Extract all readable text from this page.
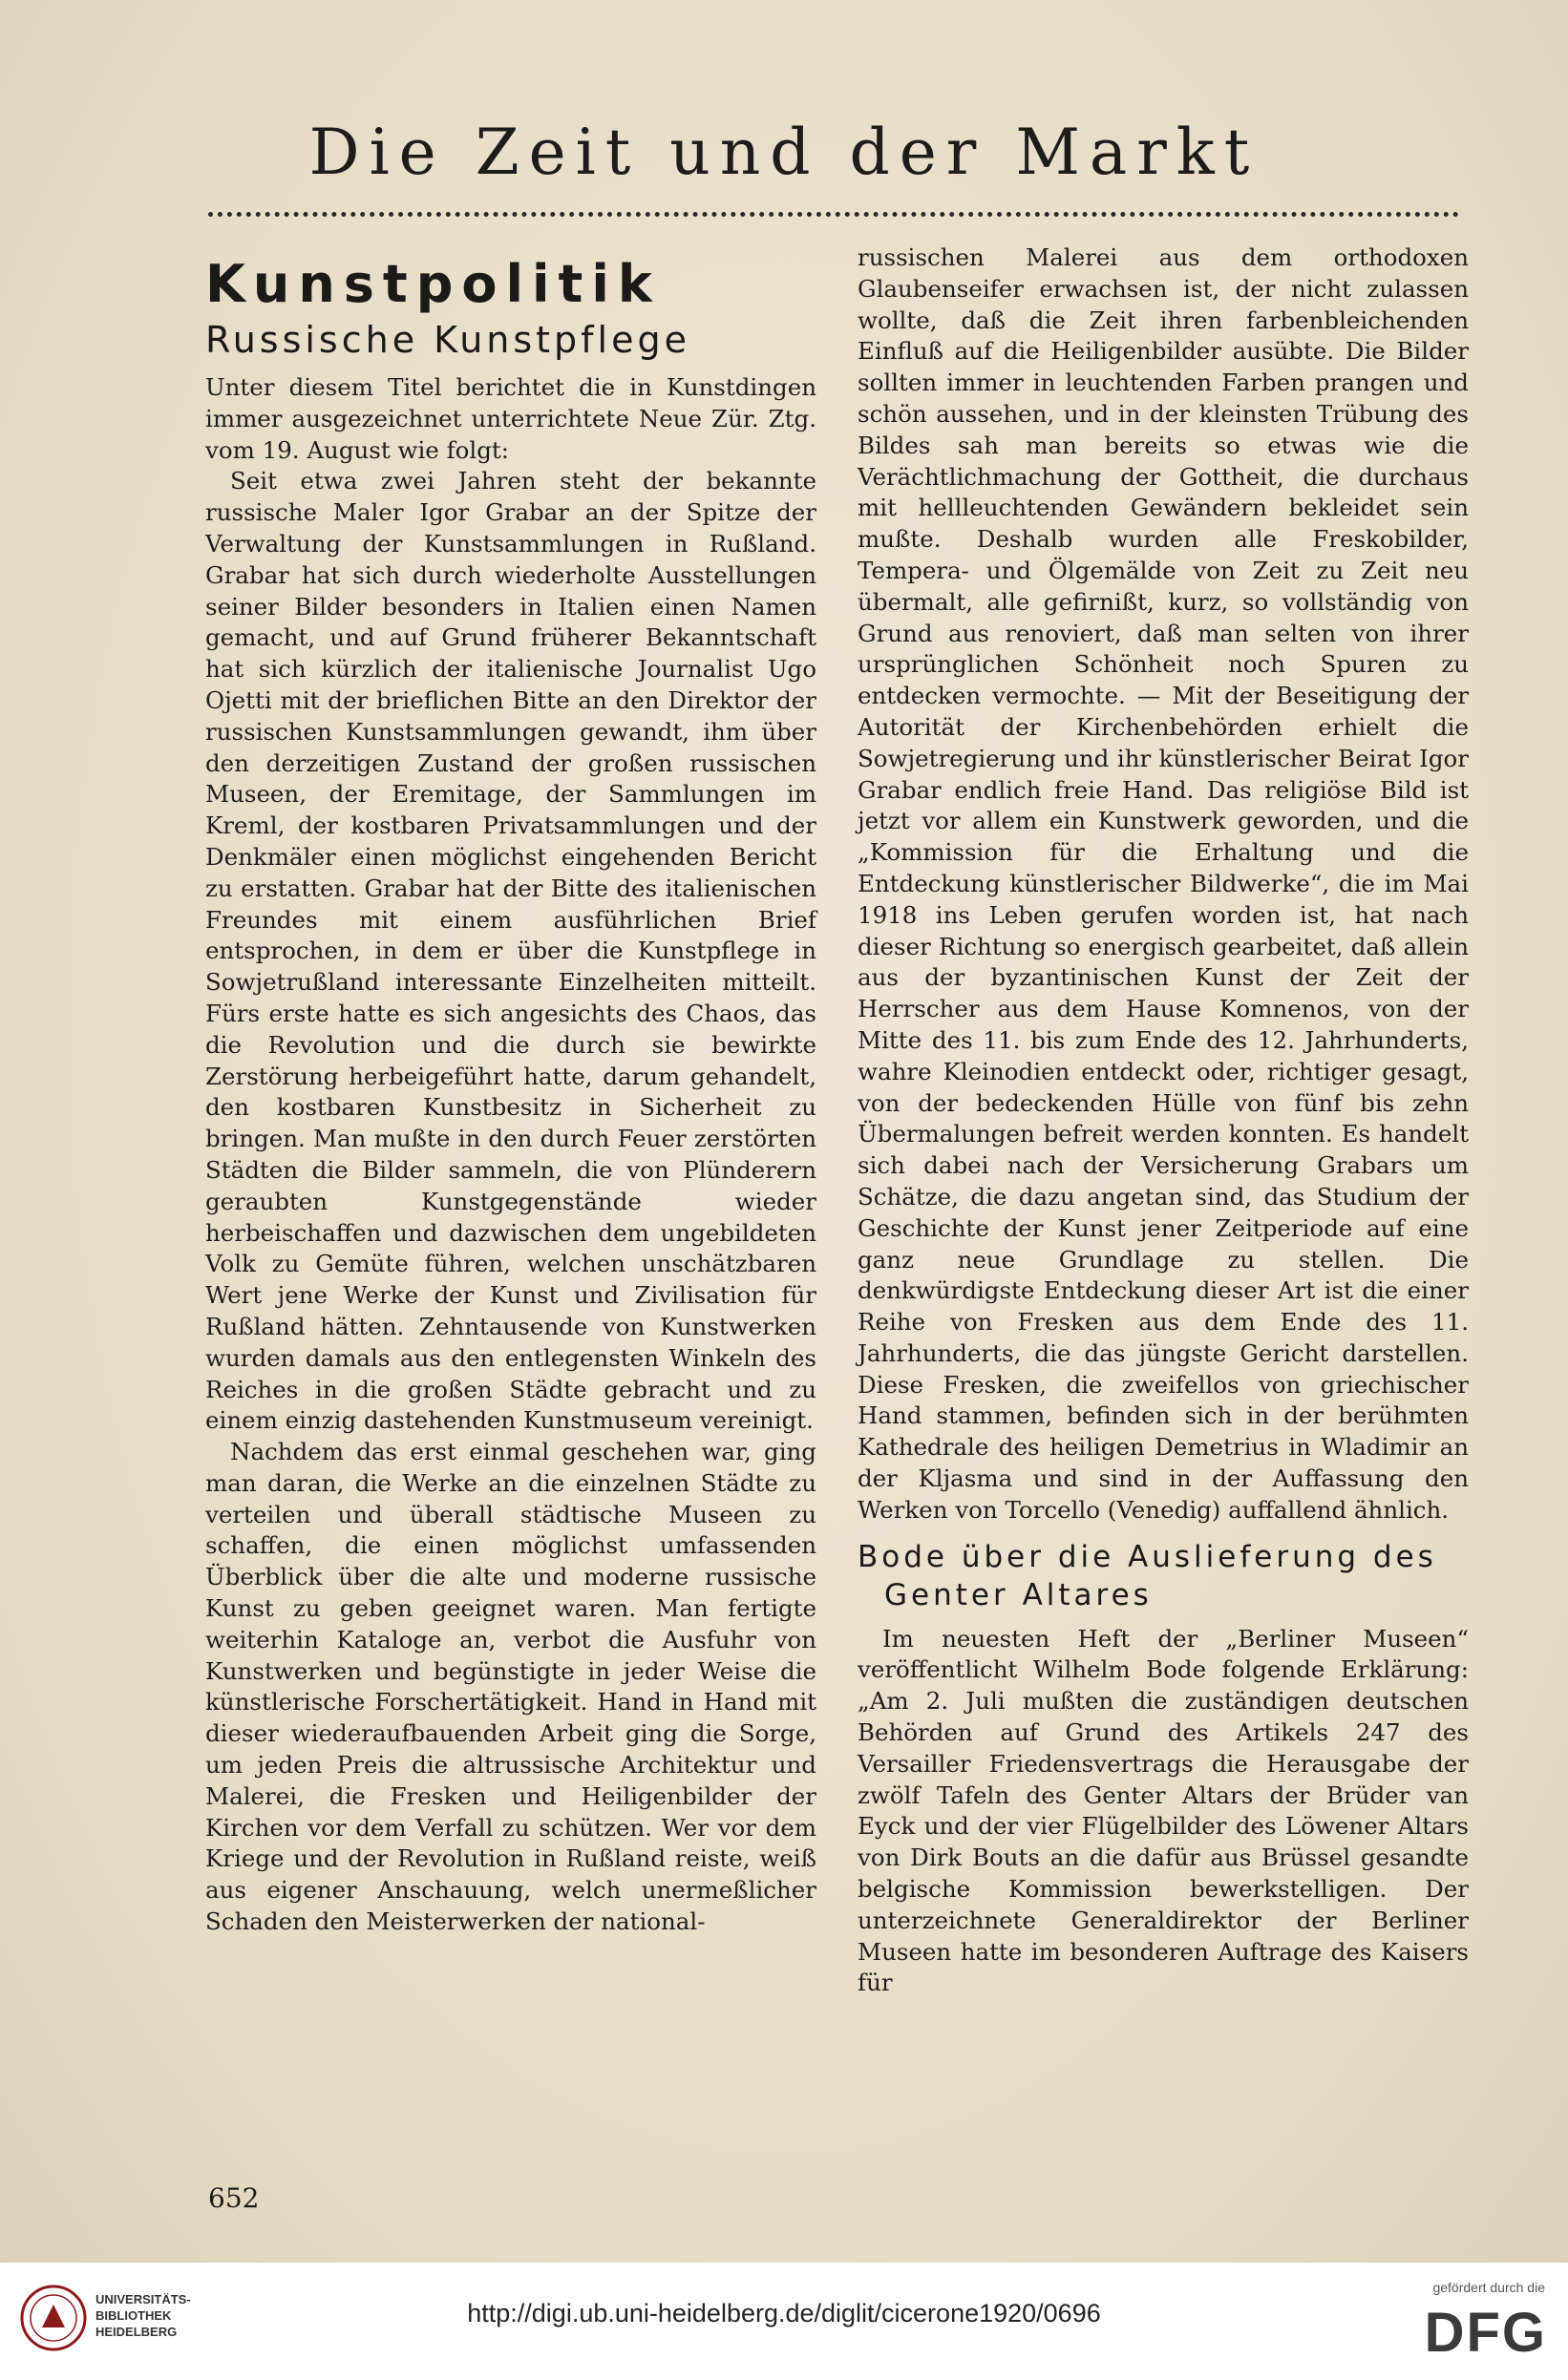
Die Zeit und der Markt
Kunstpolitik
Russische Kunstpflege

Unter diesem Titel berichtet die in Kunstdingen immer ausgezeichnet unterrichtete Neue Zür. Ztg. vom 19. August wie folgt:

Seit etwa zwei Jahren steht der bekannte russische Maler Igor Grabar an der Spitze der Verwaltung der Kunstsammlungen in Rußland. Grabar hat sich durch wiederholte Ausstellungen seiner Bilder besonders in Italien einen Namen gemacht, und auf Grund früherer Bekanntschaft hat sich kürzlich der italienische Journalist Ugo Ojetti mit der brieflichen Bitte an den Direktor der russischen Kunstsammlungen gewandt, ihm über den derzeitigen Zustand der großen russischen Museen, der Eremitage, der Sammlungen im Kreml, der kostbaren Privatsammlungen und der Denkmäler einen möglichst eingehenden Bericht zu erstatten. Grabar hat der Bitte des italienischen Freundes mit einem ausführlichen Brief entsprochen, in dem er über die Kunstpflege in Sowjetrußland interessante Einzelheiten mitteilt. Fürs erste hatte es sich angesichts des Chaos, das die Revolution und die durch sie bewirkte Zerstörung herbeigeführt hatte, darum gehandelt, den kostbaren Kunstbesitz in Sicherheit zu bringen. Man mußte in den durch Feuer zerstörten Städten die Bilder sammeln, die von Plünderern geraubten Kunstgegenstände wieder herbeischaffen und dazwischen dem ungebildeten Volk zu Gemüte führen, welchen unschätzbaren Wert jene Werke der Kunst und Zivilisation für Rußland hätten. Zehntausende von Kunstwerken wurden damals aus den entlegensten Winkeln des Reiches in die großen Städte gebracht und zu einem einzig dastehenden Kunstmuseum vereinigt.

Nachdem das erst einmal geschehen war, ging man daran, die Werke an die einzelnen Städte zu verteilen und überall städtische Museen zu schaffen, die einen möglichst umfassenden Überblick über die alte und moderne russische Kunst zu geben geeignet waren. Man fertigte weiterhin Kataloge an, verbot die Ausfuhr von Kunstwerken und begünstigte in jeder Weise die künstlerische Forschertätigkeit. Hand in Hand mit dieser wiederaufbauenden Arbeit ging die Sorge, um jeden Preis die altrussische Architektur und Malerei, die Fresken und Heiligenbilder der Kirchen vor dem Verfall zu schützen. Wer vor dem Kriege und der Revolution in Rußland reiste, weiß aus eigener Anschauung, welch unermeßlicher Schaden den Meisterwerken der national-

russischen Malerei aus dem orthodoxen Glaubenseifer erwachsen ist, der nicht zulassen wollte, daß die Zeit ihren farbenbleichenden Einfluß auf die Heiligenbilder ausübte. Die Bilder sollten immer in leuchtenden Farben prangen und schön aussehen, und in der kleinsten Trübung des Bildes sah man bereits so etwas wie die Verächtlichmachung der Gottheit, die durchaus mit hellleuchtenden Gewändern bekleidet sein mußte. Deshalb wurden alle Freskobilder, Tempera- und Ölgemälde von Zeit zu Zeit neu übermalt, alle gefirnißt, kurz, so vollständig von Grund aus renoviert, daß man selten von ihrer ursprünglichen Schönheit noch Spuren zu entdecken vermochte. — Mit der Beseitigung der Autorität der Kirchenbehörden erhielt die Sowjetregierung und ihr künstlerischer Beirat Igor Grabar endlich freie Hand. Das religiöse Bild ist jetzt vor allem ein Kunstwerk geworden, und die „Kommission für die Erhaltung und die Entdeckung künstlerischer Bildwerke“, die im Mai 1918 ins Leben gerufen worden ist, hat nach dieser Richtung so energisch gearbeitet, daß allein aus der byzantinischen Kunst der Zeit der Herrscher aus dem Hause Komnenos, von der Mitte des 11. bis zum Ende des 12. Jahrhunderts, wahre Kleinodien entdeckt oder, richtiger gesagt, von der bedeckenden Hülle von fünf bis zehn Übermalungen befreit werden konnten. Es handelt sich dabei nach der Versicherung Grabars um Schätze, die dazu angetan sind, das Studium der Geschichte der Kunst jener Zeitperiode auf eine ganz neue Grundlage zu stellen. Die denkwürdigste Entdeckung dieser Art ist die einer Reihe von Fresken aus dem Ende des 11. Jahrhunderts, die das jüngste Gericht darstellen. Diese Fresken, die zweifellos von griechischer Hand stammen, befinden sich in der berühmten Kathedrale des heiligen Demetrius in Wladimir an der Kljasma und sind in der Auffassung den Werken von Torcello (Venedig) auffallend ähnlich.

Bode über die Auslieferung des
Genter Altares

Im neuesten Heft der „Berliner Museen“ veröffentlicht Wilhelm Bode folgende Erklärung: „Am 2. Juli mußten die zuständigen deutschen Behörden auf Grund des Artikels 247 des Versailler Friedensvertrags die Herausgabe der zwölf Tafeln des Genter Altars der Brüder van Eyck und der vier Flügelbilder des Löwener Altars von Dirk Bouts an die dafür aus Brüssel gesandte belgische Kommission bewerkstelligen. Der unterzeichnete Generaldirektor der Berliner Museen hatte im besonderen Auftrage des Kaisers für

652
UNIVERSITÄTS-
BIBLIOTHEK
HEIDELBERG
http://digi.ub.uni-heidelberg.de/diglit/cicerone1920/0696
gefördert durch die
DFG
